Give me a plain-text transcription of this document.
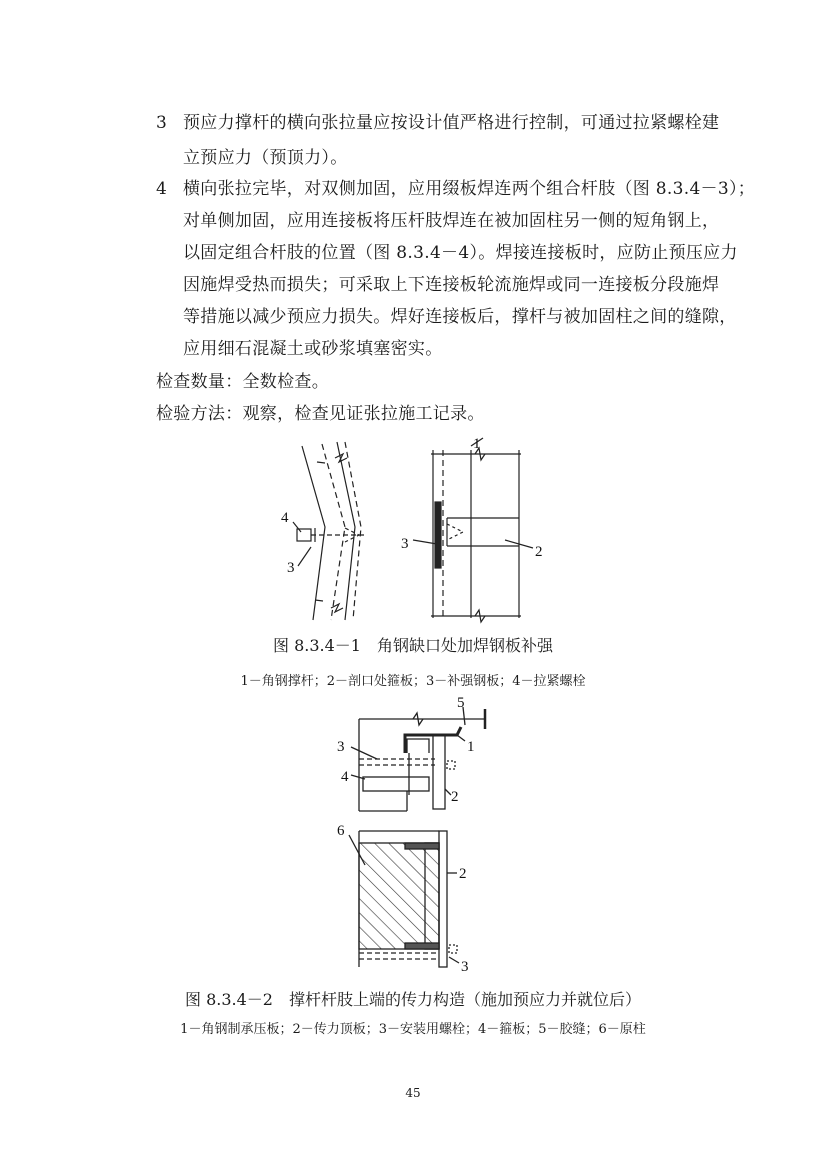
3 预应力撑杆的横向张拉量应按设计值严格进行控制，可通过拉紧螺栓建
立预应力（预顶力）。
4 横向张拉完毕，对双侧加固，应用缀板焊连两个组合杆肢（图 8.3.4－3）；
对单侧加固，应用连接板将压杆肢焊连在被加固柱另一侧的短角钢上，
以固定组合杆肢的位置（图 8.3.4－4）。焊接连接板时，应防止预压应力
因施焊受热而损失；可采取上下连接板轮流施焊或同一连接板分段施焊
等措施以减少预应力损失。焊好连接板后，撑杆与被加固柱之间的缝隙，
应用细石混凝土或砂浆填塞密实。
检查数量：全数检查。
检验方法：观察，检查见证张拉施工记录。
4
3
1
3	2
图 8.3.4－1　角钢缺口处加焊钢板补强
1－角钢撑杆；2－剖口处箍板；3－补强钢板；4－拉紧螺栓
5
1
3
4
2
6
2
3
图 8.3.4－2　撑杆杆肢上端的传力构造（施加预应力并就位后）
1－角钢制承压板；2－传力顶板；3－安装用螺栓；4－箍板；5－胶缝；6－原柱
45
